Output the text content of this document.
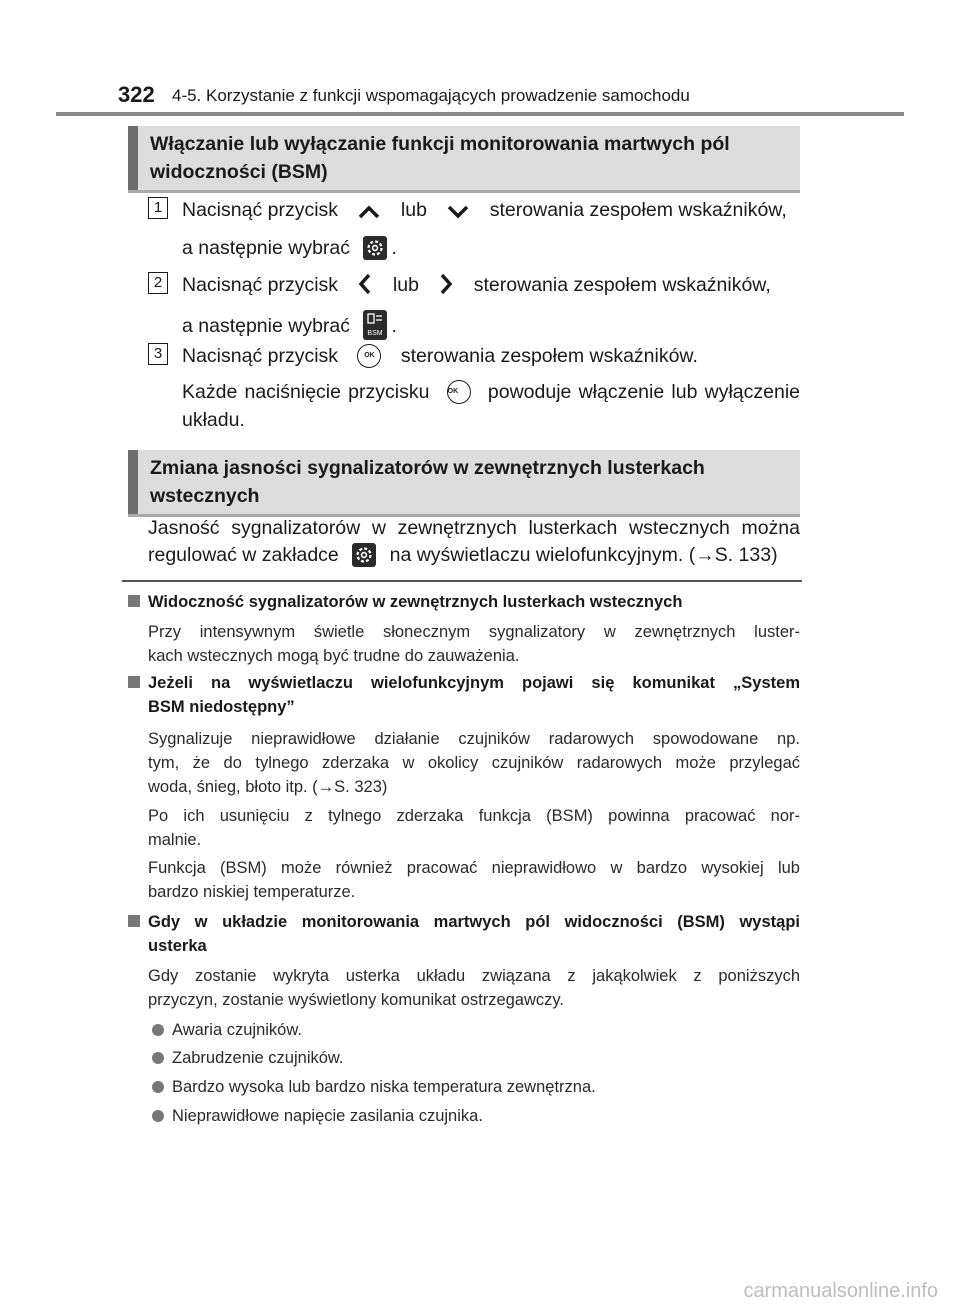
322 4-5. Korzystanie z funkcji wspomagających prowadzenie samochodu
Włączanie lub wyłączanie funkcji monitorowania martwych pól
widoczności (BSM)
1 Nacisnąć przycisk	lub	sterowania zespołem wskaźników,
a następnie wybrać .
2 Nacisnąć przycisk	lub	sterowania zespołem wskaźników,
a następnie wybrać	BSM .
3 Nacisnąć przycisk	OK sterowania zespołem wskaźników.
Każde naciśnięcie przycisku	OK	powoduje włączenie lub wyłączenie
układu.
Zmiana jasności sygnalizatorów w zewnętrznych lusterkach
wstecznych
Jasność sygnalizatorów w zewnętrznych lusterkach wstecznych można
regulować w zakładce	na wyświetlaczu wielofunkcyjnym. (→S. 133)
Widoczność sygnalizatorów w zewnętrznych lusterkach wstecznych
Przy intensywnym świetle słonecznym sygnalizatory w zewnętrznych luster-
kach wstecznych mogą być trudne do zauważenia.
Jeżeli na wyświetlaczu wielofunkcyjnym pojawi się komunikat „System
BSM niedostępny”
Sygnalizuje nieprawidłowe działanie czujników radarowych spowodowane np.
tym, że do tylnego zderzaka w okolicy czujników radarowych może przylegać
woda, śnieg, błoto itp. (→S. 323)
Po ich usunięciu z tylnego zderzaka funkcja (BSM) powinna pracować nor-
malnie.
Funkcja (BSM) może również pracować nieprawidłowo w bardzo wysokiej lub
bardzo niskiej temperaturze.
Gdy w układzie monitorowania martwych pól widoczności (BSM) wystąpi
usterka
Gdy zostanie wykryta usterka układu związana z jakąkolwiek z poniższych
przyczyn, zostanie wyświetlony komunikat ostrzegawczy.
Awaria czujników.
Zabrudzenie czujników.
Bardzo wysoka lub bardzo niska temperatura zewnętrzna.
Nieprawidłowe napięcie zasilania czujnika.
carmanualsonline.info
